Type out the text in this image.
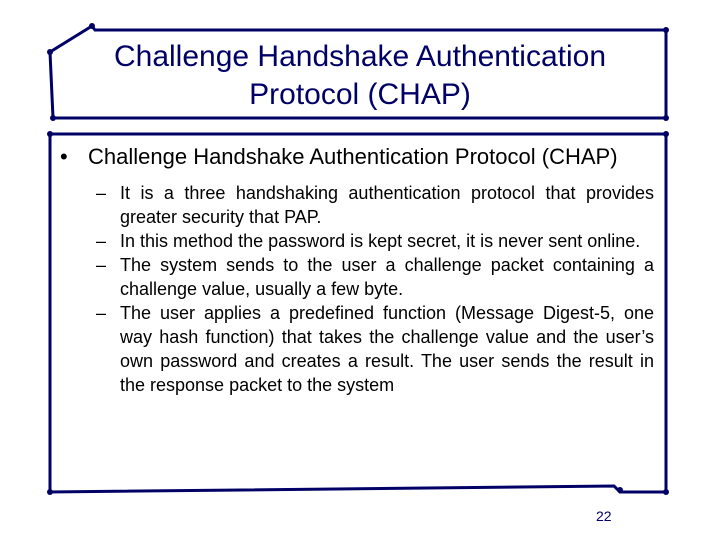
Challenge Handshake Authentication
Protocol (CHAP)
• Challenge Handshake Authentication Protocol (CHAP)
– It is a three handshaking authentication protocol that provides greater security that PAP.
– In this method the password is kept secret, it is never sent online.
– The system sends to the user a challenge packet containing a challenge value, usually a few byte.
– The user applies a predefined function (Message Digest-5, one way hash function) that takes the challenge value and the user’s own password and creates a result. The user sends the result in the response packet to the system
22
